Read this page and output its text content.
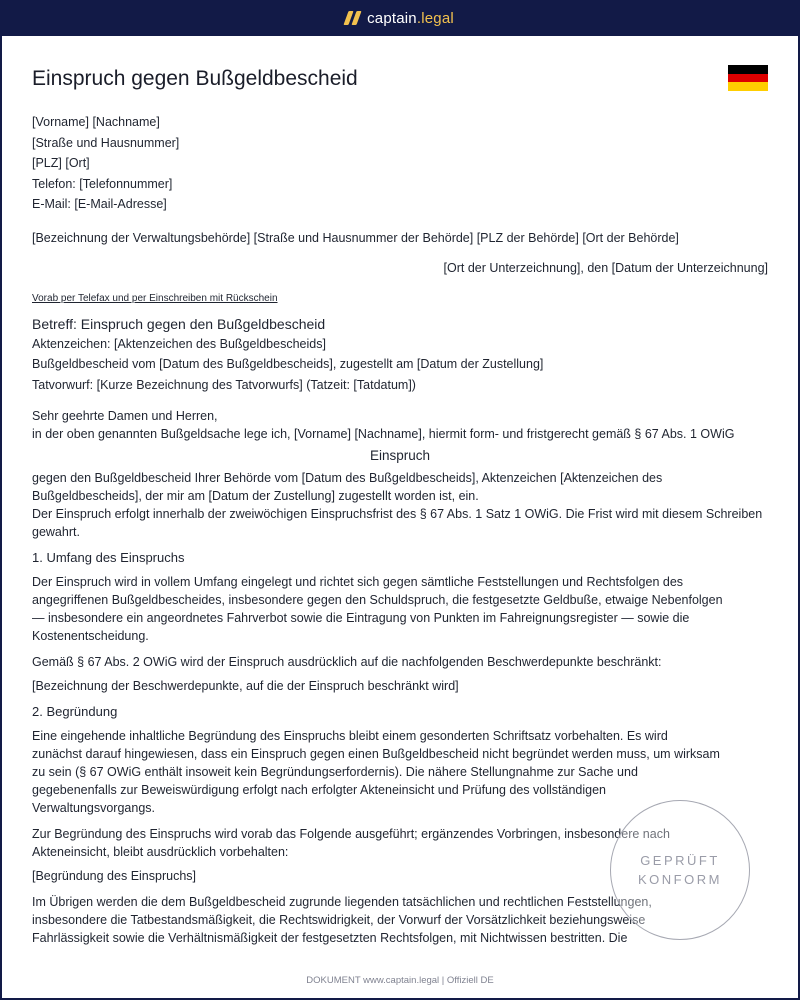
captain.legal
Einspruch gegen Bußgeldbescheid
[Vorname] [Nachname]
[Straße und Hausnummer]
[PLZ] [Ort]
Telefon: [Telefonnummer]
E-Mail: [E-Mail-Adresse]
[Bezeichnung der Verwaltungsbehörde] [Straße und Hausnummer der Behörde] [PLZ der Behörde] [Ort der Behörde]
[Ort der Unterzeichnung], den [Datum der Unterzeichnung]
Vorab per Telefax und per Einschreiben mit Rückschein
Betreff: Einspruch gegen den Bußgeldbescheid
Aktenzeichen: [Aktenzeichen des Bußgeldbescheids]
Bußgeldbescheid vom [Datum des Bußgeldbescheids], zugestellt am [Datum der Zustellung]
Tatvorwurf: [Kurze Bezeichnung des Tatvorwurfs] (Tatzeit: [Tatdatum])
Sehr geehrte Damen und Herren,

in der oben genannten Bußgeldsache lege ich, [Vorname] [Nachname], hiermit form- und fristgerecht gemäß § 67 Abs. 1 OWiG

Einspruch

gegen den Bußgeldbescheid Ihrer Behörde vom [Datum des Bußgeldbescheids], Aktenzeichen [Aktenzeichen des Bußgeldbescheids], der mir am [Datum der Zustellung] zugestellt worden ist, ein.

Der Einspruch erfolgt innerhalb der zweiwöchigen Einspruchsfrist des § 67 Abs. 1 Satz 1 OWiG. Die Frist wird mit diesem Schreiben gewahrt.

1. Umfang des Einspruchs
Der Einspruch wird in vollem Umfang eingelegt und richtet sich gegen sämtliche Feststellungen und Rechtsfolgen des
angegriffenen Bußgeldbescheides, insbesondere gegen den Schuldspruch, die festgesetzte Geldbuße, etwaige Nebenfolgen
— insbesondere ein angeordnetes Fahrverbot sowie die Eintragung von Punkten im Fahreignungsregister — sowie die
Kostenentscheidung.
Gemäß § 67 Abs. 2 OWiG wird der Einspruch ausdrücklich auf die nachfolgenden Beschwerdepunkte beschränkt:
[Bezeichnung der Beschwerdepunkte, auf die der Einspruch beschränkt wird]
2. Begründung
Eine eingehende inhaltliche Begründung des Einspruchs bleibt einem gesonderten Schriftsatz vorbehalten. Es wird
zunächst darauf hingewiesen, dass ein Einspruch gegen einen Bußgeldbescheid nicht begründet werden muss, um wirksam
zu sein (§ 67 OWiG enthält insoweit kein Begründungserfordernis). Die nähere Stellungnahme zur Sache und
gegebenenfalls zur Beweiswürdigung erfolgt nach erfolgter Akteneinsicht und Prüfung des vollständigen
Verwaltungsvorgangs.
Zur Begründung des Einspruchs wird vorab das Folgende ausgeführt; ergänzendes Vorbringen, insbesondere nach
Akteneinsicht, bleibt ausdrücklich vorbehalten:
[Begründung des Einspruchs]
Im Übrigen werden die dem Bußgeldbescheid zugrunde liegenden tatsächlichen und rechtlichen Feststellungen,
insbesondere die Tatbestandsmäßigkeit, die Rechtswidrigkeit, der Vorwurf der Vorsätzlichkeit beziehungsweise
Fahrlässigkeit sowie die Verhältnismäßigkeit der festgesetzten Rechtsfolgen, mit Nichtwissen bestritten. Die
GEPRÜFT
KONFORM
DOKUMENT www.captain.legal | Offiziell DE
